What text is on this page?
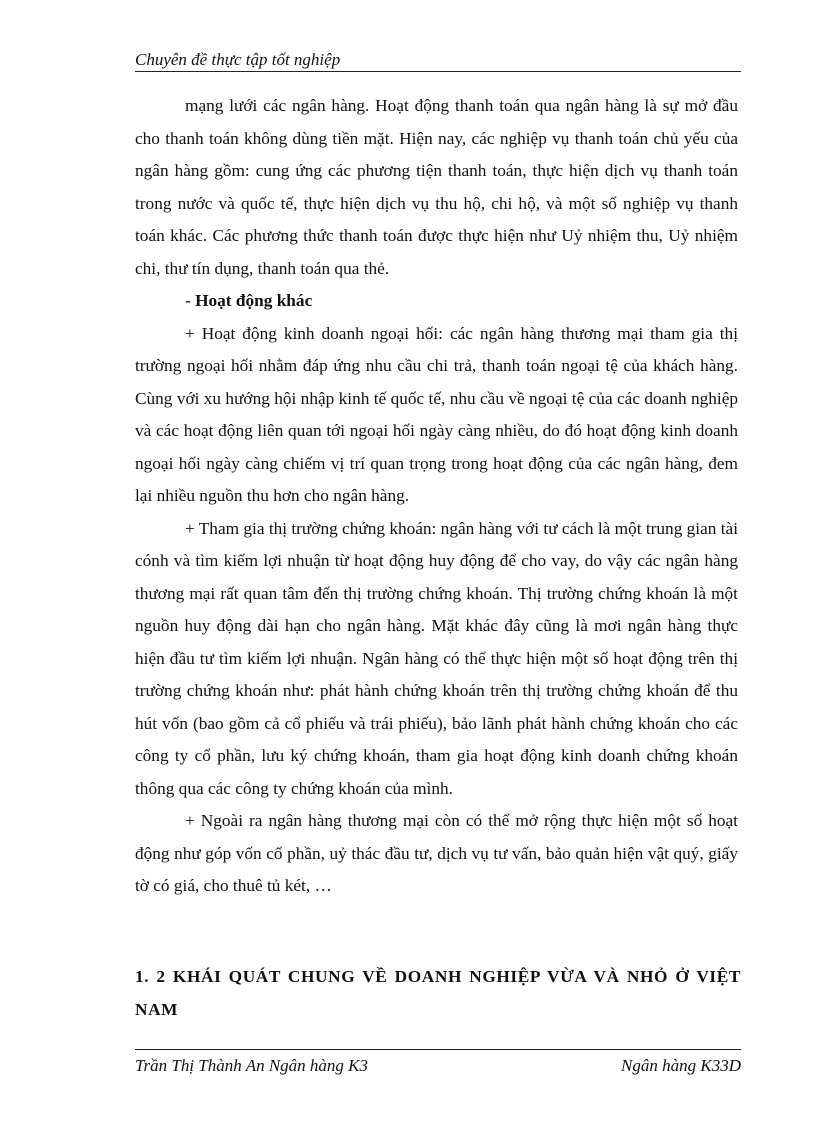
Chuyên đề thực tập tốt nghiệp

mạng lưới các ngân hàng. Hoạt động thanh toán qua ngân hàng là sự mở đầu cho thanh toán không dùng tiền mặt. Hiện nay, các nghiệp vụ thanh toán chủ yếu của ngân hàng gồm: cung ứng các phương tiện thanh toán, thực hiện dịch vụ thanh toán trong nước và quốc tế, thực hiện dịch vụ thu hộ, chi hộ, và một số nghiệp vụ thanh toán khác. Các phương thức thanh toán được thực hiện như Uỷ nhiệm thu, Uỷ nhiệm chi, thư tín dụng, thanh toán qua thẻ.

- Hoạt động khác

+ Hoạt động kinh doanh ngoại hối: các ngân hàng thương mại tham gia thị trường ngoại hối nhằm đáp ứng nhu cầu chi trả, thanh toán ngoại tệ của khách hàng. Cùng với xu hướng hội nhập kinh tế quốc tế, nhu cầu về ngoại tệ của các doanh nghiệp và các hoạt động liên quan tới ngoại hối ngày càng nhiều, do đó hoạt động kinh doanh ngoại hối ngày càng chiếm vị trí quan trọng trong hoạt động của các ngân hàng, đem lại nhiều nguồn thu hơn cho ngân hàng.

+ Tham gia thị trường chứng khoán: ngân hàng với tư cách là một trung gian tài cónh và tìm kiếm lợi nhuận từ hoạt động huy động để cho vay, do vậy các ngân hàng thương mại rất quan tâm đến thị trường chứng khoán. Thị trường chứng khoán là một nguồn huy động dài hạn cho ngân hàng. Mặt khác đây cũng là mơi ngân hàng thực hiện đầu tư tìm kiếm lợi nhuận. Ngân hàng có thể thực hiện một số hoạt động trên thị trường chứng khoán như: phát hành chứng khoán trên thị trường chứng khoán để thu hút vốn (bao gồm cả cổ phiếu và trái phiếu), bảo lãnh phát hành chứng khoán cho các công ty cổ phần, lưu ký chứng khoán, tham gia hoạt động kinh doanh chứng khoán thông qua các công ty chứng khoán của mình.

+ Ngoài ra ngân hàng thương mại còn có thể mở rộng thực hiện một số hoạt động như góp vốn cổ phần, uỷ thác đầu tư, dịch vụ tư vấn, bảo quản hiện vật quý, giấy tờ có giá, cho thuê tủ két, …

1. 2 KHÁI QUÁT CHUNG VỀ DOANH NGHIỆP VỪA VÀ NHỎ Ở VIỆT NAM
Trần Thị Thành An Ngân hàng K3	Ngân hàng K33D
